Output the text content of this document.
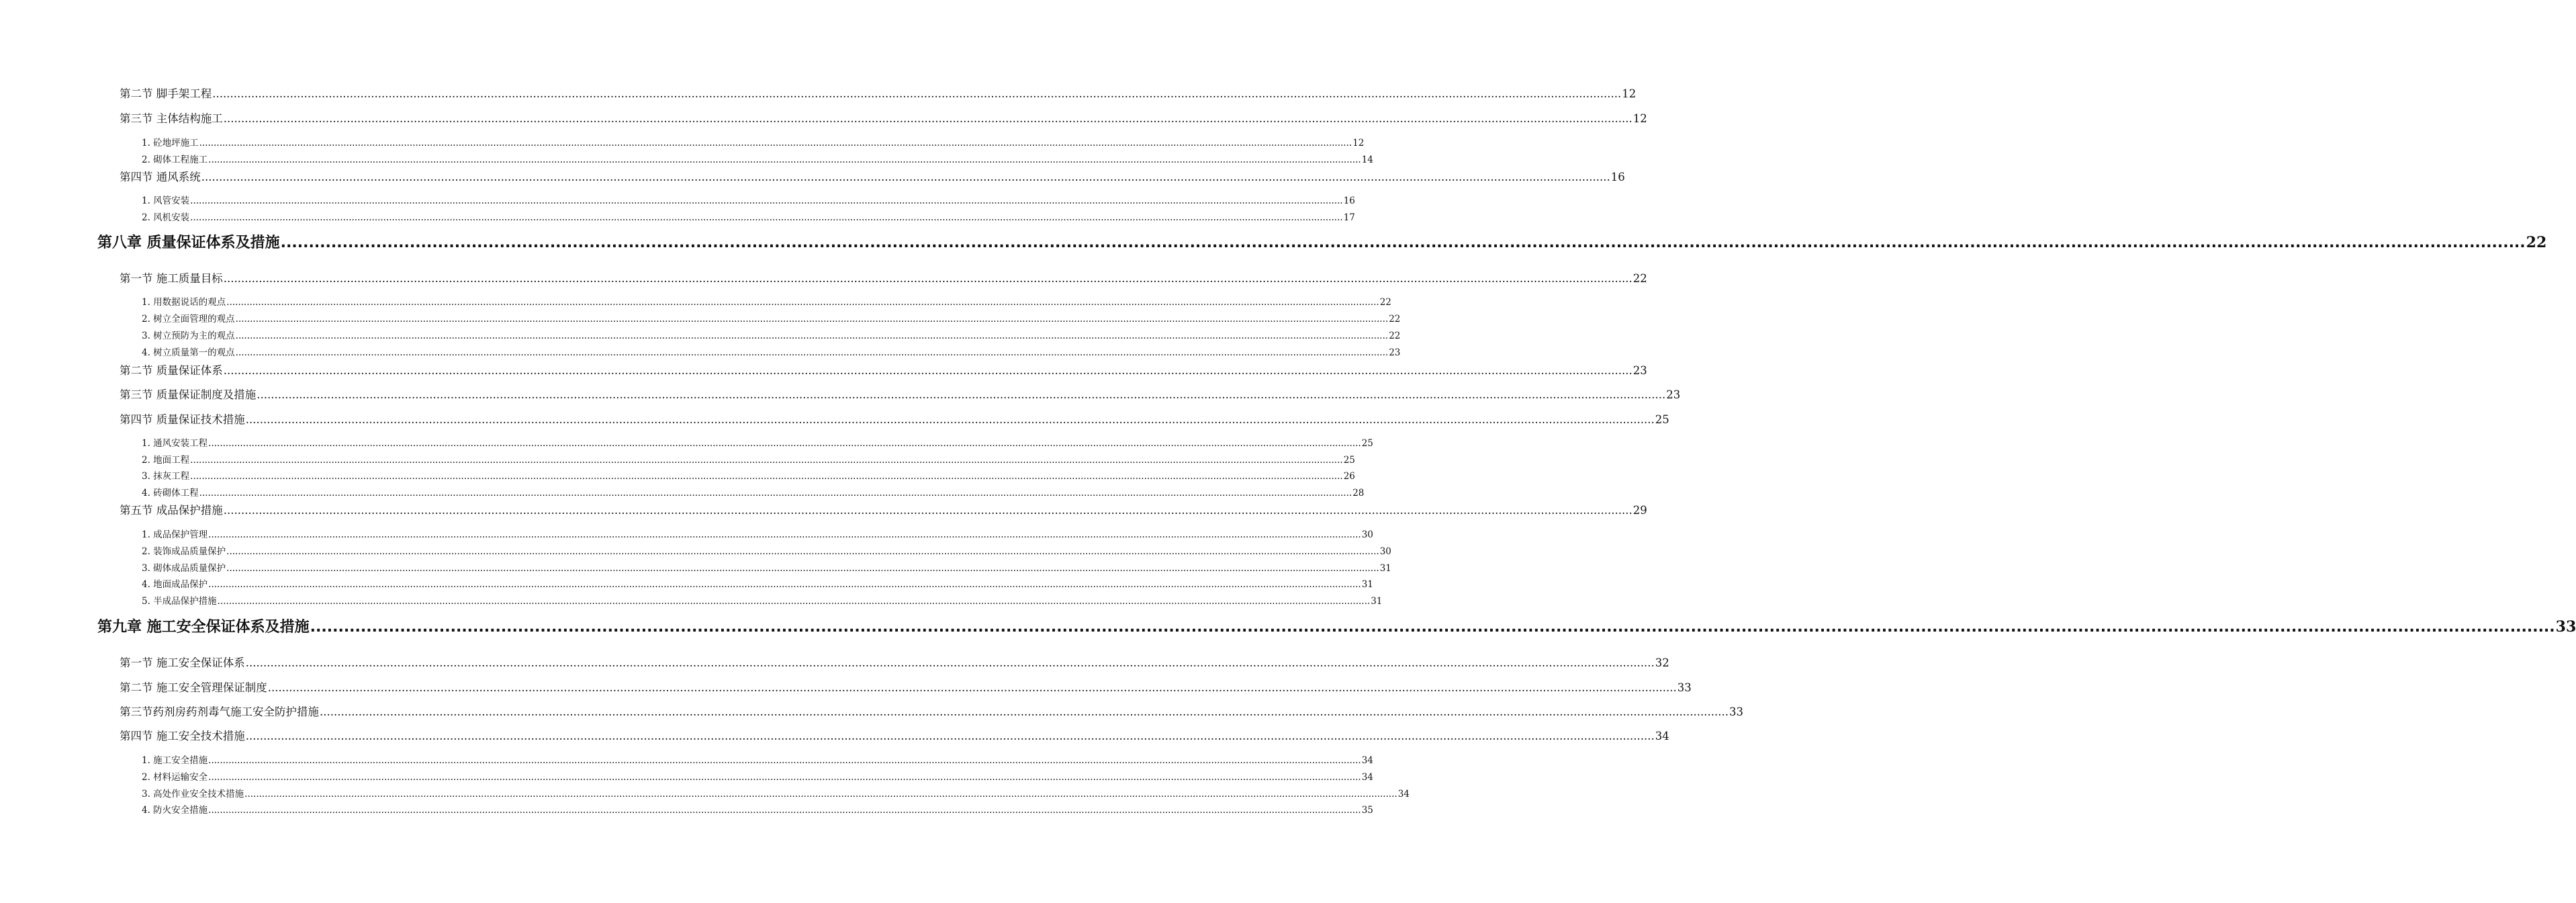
第二节 脚手架工程 ................................................................................................................................................................................................................................................................................................................................................................................................................ 12
第三节 主体结构施工 ................................................................................................................................................................................................................................................................................................................................................................................................................ 12
1. 砼地坪施工 ................................................................................................................................................................................................................................................................................................................................................................................................................ 12
2. 砌体工程施工 ................................................................................................................................................................................................................................................................................................................................................................................................................ 14
第四节 通风系统 ................................................................................................................................................................................................................................................................................................................................................................................................................ 16
1. 风管安装 ................................................................................................................................................................................................................................................................................................................................................................................................................ 16
2. 风机安装 ................................................................................................................................................................................................................................................................................................................................................................................................................ 17
第八章 质量保证体系及措施 ................................................................................................................................................................................................................................................................................................................................................................................................................ 22
第一节 施工质量目标 ................................................................................................................................................................................................................................................................................................................................................................................................................ 22
1. 用数据说话的观点 ................................................................................................................................................................................................................................................................................................................................................................................................................ 22
2. 树立全面管理的观点 ................................................................................................................................................................................................................................................................................................................................................................................................................ 22
3. 树立预防为主的观点 ................................................................................................................................................................................................................................................................................................................................................................................................................ 22
4. 树立质量第一的观点 ................................................................................................................................................................................................................................................................................................................................................................................................................ 23
第二节 质量保证体系 ................................................................................................................................................................................................................................................................................................................................................................................................................ 23
第三节 质量保证制度及措施 ................................................................................................................................................................................................................................................................................................................................................................................................................ 23
第四节 质量保证技术措施 ................................................................................................................................................................................................................................................................................................................................................................................................................ 25
1. 通风安装工程 ................................................................................................................................................................................................................................................................................................................................................................................................................ 25
2. 地面工程 ................................................................................................................................................................................................................................................................................................................................................................................................................ 25
3. 抹灰工程 ................................................................................................................................................................................................................................................................................................................................................................................................................ 26
4. 砖砌体工程 ................................................................................................................................................................................................................................................................................................................................................................................................................ 28
第五节 成品保护措施 ................................................................................................................................................................................................................................................................................................................................................................................................................ 29
1. 成品保护管理 ................................................................................................................................................................................................................................................................................................................................................................................................................ 30
2. 装饰成品质量保护 ................................................................................................................................................................................................................................................................................................................................................................................................................ 30
3. 砌体成品质量保护 ................................................................................................................................................................................................................................................................................................................................................................................................................ 31
4. 地面成品保护 ................................................................................................................................................................................................................................................................................................................................................................................................................ 31
5. 半成品保护措施 ................................................................................................................................................................................................................................................................................................................................................................................................................ 31
第九章 施工安全保证体系及措施 ................................................................................................................................................................................................................................................................................................................................................................................................................ 33
第一节 施工安全保证体系 ................................................................................................................................................................................................................................................................................................................................................................................................................ 32
第二节 施工安全管理保证制度 ................................................................................................................................................................................................................................................................................................................................................................................................................ 33
第三节药剂房药剂毒气施工安全防护措施 ................................................................................................................................................................................................................................................................................................................................................................................................................ 33
第四节 施工安全技术措施 ................................................................................................................................................................................................................................................................................................................................................................................................................ 34
1. 施工安全措施 ................................................................................................................................................................................................................................................................................................................................................................................................................ 34
2. 材料运输安全 ................................................................................................................................................................................................................................................................................................................................................................................................................ 34
3. 高处作业安全技术措施 ................................................................................................................................................................................................................................................................................................................................................................................................................ 34
4. 防火安全措施 ................................................................................................................................................................................................................................................................................................................................................................................................................ 35
